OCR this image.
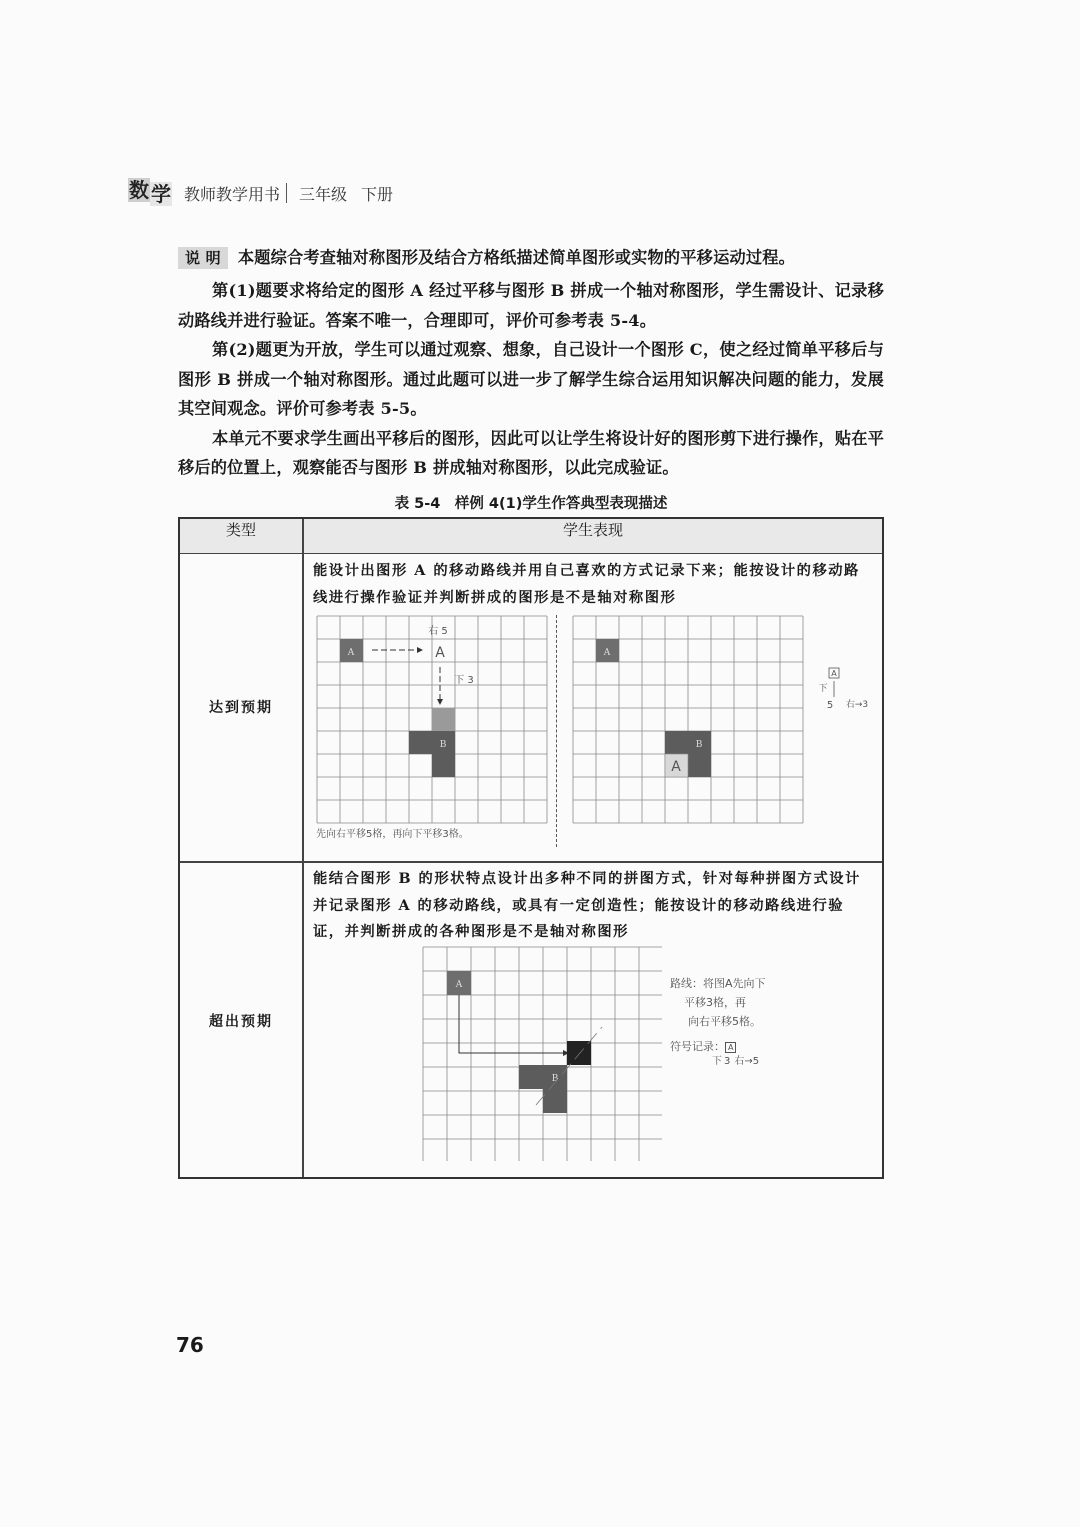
数 学 教师教学用书 三年级 下册
说 明 本题综合考查轴对称图形及结合方格纸描述简单图形或实物的平移运动过程。

第(1)题要求将给定的图形 A 经过平移与图形 B 拼成一个轴对称图形，学生需设计、记录移动路线并进行验证。答案不唯一，合理即可，评价可参考表 5-4。

第(2)题更为开放，学生可以通过观察、想象，自己设计一个图形 C，使之经过简单平移后与图形 B 拼成一个轴对称图形。通过此题可以进一步了解学生综合运用知识解决问题的能力，发展其空间观念。评价可参考表 5-5。

本单元不要求学生画出平移后的图形，因此可以让学生将设计好的图形剪下进行操作，贴在平移后的位置上，观察能否与图形 B 拼成轴对称图形，以此完成验证。

表 5-4　样例 4(1)学生作答典型表现描述
类型	学生表现
达到预期
能设计出图形 A 的移动路线并用自己喜欢的方式记录下来；能按设计的移动路线进行操作验证并判断拼成的图形是不是轴对称图形
A
B
右 5
A
下 3
先向右平移5格，再向下平移3格。
A
A
B
A
下
5 右→3
超出预期
能结合图形 B 的形状特点设计出多种不同的拼图方式，针对每种拼图方式设计并记录图形 A 的移动路线，或具有一定创造性；能按设计的移动路线进行验证，并判断拼成的各种图形是不是轴对称图形
A
B
路线：将图A先向下
平移3格，再
向右平移5格。
符号记录： A
下 3 右→5
76
